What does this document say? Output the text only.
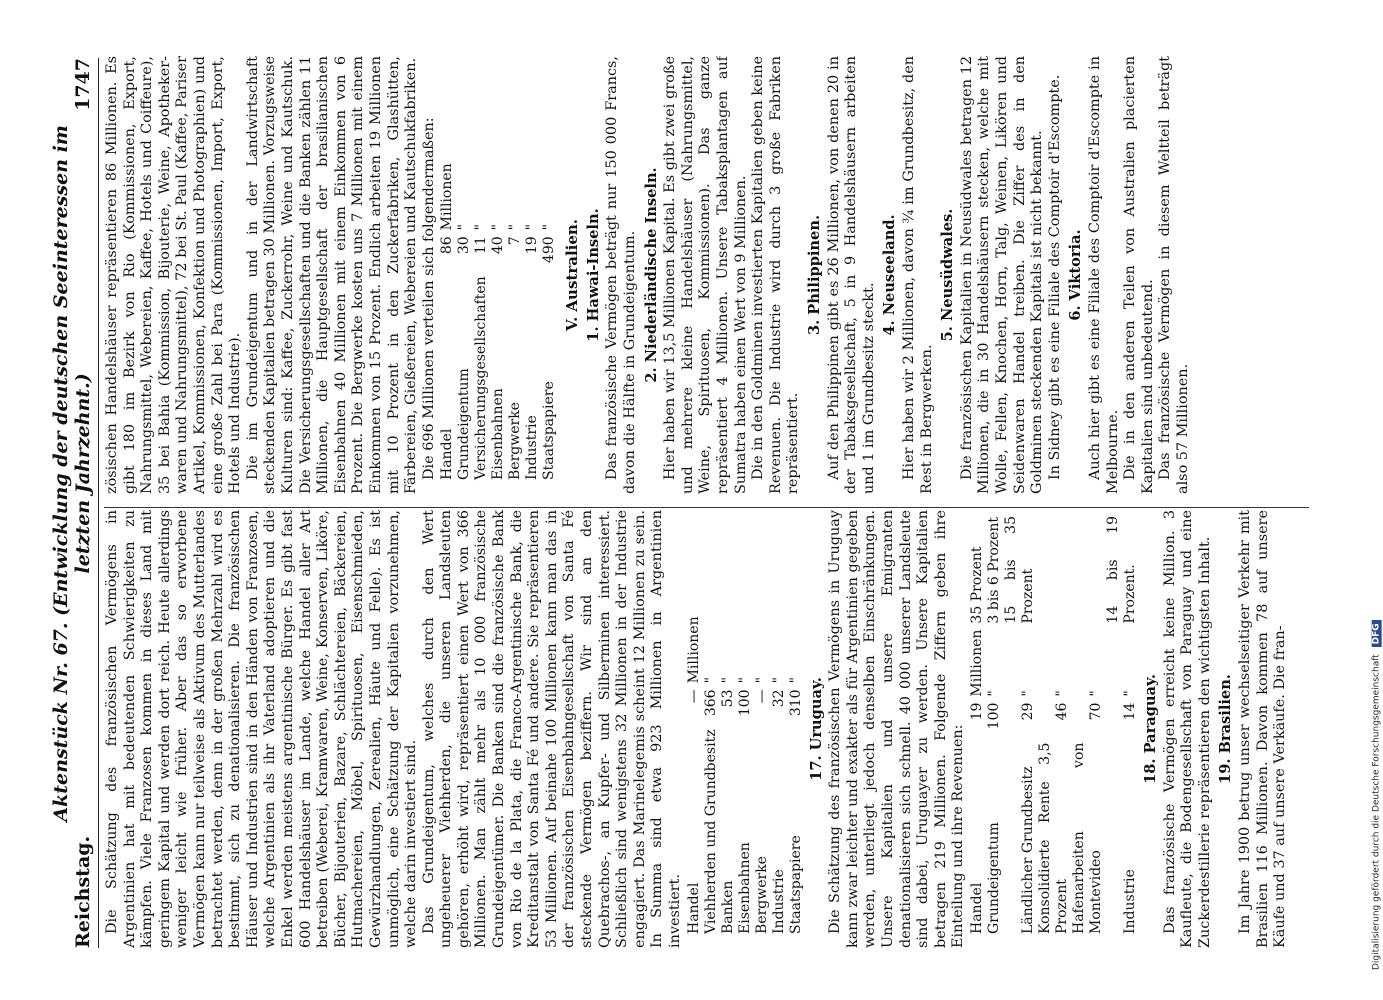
Reichstag.
Aktenstück Nr. 67. (Entwicklung der deutschen Seeinteressen im letzten Jahrzehnt.)
1747

Die Schätzung des französischen Vermögens in Argentinien hat mit bedeutenden Schwierigkeiten zu kämpfen. Viele Franzosen kommen in dieses Land mit geringem Kapital und werden dort reich. Heute allerdings weniger leicht wie früher. Aber das so erworbene Vermögen kann nur teilweise als Aktivum des Mutterlandes betrachtet werden, denn in der großen Mehrzahl wird es bestimmt, sich zu denationalisieren. Die französischen Häuser und Industrien sind in den Händen von Franzosen, welche Argentinien als ihr Vaterland adoptieren und die Enkel werden meistens argentinische Bürger. Es gibt fast 600 Handelshäuser im Lande, welche Handel aller Art betreiben (Weberei, Kramwaren, Weine, Konserven, Liköre, Bücher, Bijouterien, Bazare, Schlächtereien, Bäckereien, Hutmachereien, Möbel, Spirituosen, Eisenschmieden, Gewürzhandlungen, Zerealien, Häute und Felle). Es ist unmöglich, eine Schätzung der Kapitalien vorzunehmen, welche darin investiert sind. Das Grundeigentum, welches durch den Wert ungeheuerer Viehherden, die unseren Landsleuten gehören, erhöht wird, repräsentiert einen Wert von 366 Millionen. Man zählt mehr als 10 000 französische Grundeigentümer. Die Banken sind die französische Bank von Rio de la Plata, die Franco-Argentinische Bank, die Kreditanstalt von Santa Fé und andere. Sie repräsentieren 53 Millionen. Auf beinahe 100 Millionen kann man das in der französischen Eisenbahngesellschaft von Santa Fé steckende Vermögen beziffern. Wir sind an den Quebrachos-, an Kupfer- und Silberminen interessiert. Schließlich sind wenigstens 32 Millionen in der Industrie engagiert. Das Marinelegemis scheint 12 Millionen zu sein. In Summa sind etwa 923 Millionen in Argentinien investiert. Handel	—	Millionen
Viehherden und Grundbesitz	366	"
Banken	53	"
Eisenbahnen	100	"
Bergwerke	—	"
Industrie	32	"
Staatspapiere	310	" 17. Uruguay. Die Schätzung des französischen Vermögens in Uruguay kann zwar leichter und exakter als für Argentinien gegeben werden, unterliegt jedoch denselben Einschränkungen. Unsere Kapitalien und unsere Emigranten denationalisieren sich schnell. 40 000 unserer Landsleute sind dabei, Uruguayer zu werden. Unsere Kapitalien betragen 219 Millionen. Folgende Ziffern geben ihre Einteilung und ihre Revenuen: Handel	19	Millionen	35 Prozent
Grundeigentum	100	"	3 bis 6 Prozent
Ländlicher Grundbesitz	29	"	15 bis 35 Prozent
Konsolidierte Rente 3,5 Prozent	46	"	
Hafenarbeiten von Montevideo	70	"	
Industrie	14	"	14 bis 19 Prozent.
18. Paraguay. Das französische Vermögen erreicht keine Million. 3 Kaufleute, die Bodengesellschaft von Paraguay und eine Zuckerdestillerie repräsentieren den wichtigsten Inhalt. 19. Brasilien. Im Jahre 1900 betrug unser wechselseitiger Verkehr mit Brasilien 116 Millionen. Davon kommen 78 auf unsere Käufe und 37 auf unsere Verkäufe. Die fran-

zösischen Handelshäuser repräsentieren 86 Millionen. Es gibt 180 im Bezirk von Rio (Kommissionen, Export, Nahrungsmittel, Webereien, Kaffee, Hotels und Coiffeure), 35 bei Bahia (Kommission, Bijouterie, Weine, Apotheker-waren und Nahrungsmittel), 72 bei St. Paul (Kaffee, Pariser Artikel, Kommissionen, Konfektion und Photographien) und eine große Zahl bei Para (Kommissionen, Import, Export, Hotels und Industrie). Die im Grundeigentum und in der Landwirtschaft steckenden Kapitalien betragen 30 Millionen. Vorzugsweise Kulturen sind: Kaffee, Zuckerrohr, Weine und Kautschuk. Die Versicherungsgesellschaften und die Banken zählen 11 Millionen, die Hauptgesellschaft der brasilianischen Eisenbahnen 40 Millionen mit einem Einkommen von 6 Prozent. Die Bergwerke kosten uns 7 Millionen mit einem Einkommen von 15 Prozent. Endlich arbeiten 19 Millionen mit 10 Prozent in den Zuckerfabriken, Glashütten, Färbereien, Gießereien, Webereien und Kautschukfabriken. Die 696 Millionen verteilen sich folgendermaßen: Handel	86	Millionen
Grundeigentum	30	"
Versicherungsgesellschaften	11	"
Eisenbahnen	40	"
Bergwerke	7	"
Industrie	19	"
Staatspapiere	490	" V. Australien. 1. Hawai-Inseln. Das französische Vermögen beträgt nur 150 000 Francs, davon die Hälfte in Grundeigentum. 2. Niederländische Inseln. Hier haben wir 13,5 Millionen Kapital. Es gibt zwei große und mehrere kleine Handelshäuser (Nahrungsmittel, Weine, Spirituosen, Kommissionen). Das ganze repräsentiert 4 Millionen. Unsere Tabaksplantagen auf Sumatra haben einen Wert von 9 Millionen. Die in den Goldminen investierten Kapitalien geben keine Revenuen. Die Industrie wird durch 3 große Fabriken repräsentiert.

3. Philippinen. Auf den Philippinen gibt es 26 Millionen, von denen 20 in der Tabaksgesellschaft, 5 in 9 Handelshäusern arbeiten und 1 im Grundbesitz steckt.

4. Neuseeland. Hier haben wir 2 Millionen, davon ¾ im Grundbesitz, den Rest in Bergwerken.

5. Neusüdwales. Die französischen Kapitalien in Neusüdwales betragen 12 Millionen, die in 30 Handelshäusern stecken, welche mit Wolle, Fellen, Knochen, Horn, Talg, Weinen, Likören und Seidenwaren Handel treiben. Die Ziffer des in den Goldminen steckenden Kapitals ist nicht bekannt. In Sidney gibt es eine Filiale des Comptoir d'Escompte. 6. Viktoria. Auch hier gibt es eine Filiale des Comptoir d'Escompte in Melbourne. Die in den anderen Teilen von Australien placierten Kapitalien sind unbedeutend. Das französische Vermögen in diesem Weltteil beträgt also 57 Millionen.

Digitalisierung gefördert durch die Deutsche Forschungsgemeinschaft DFG
